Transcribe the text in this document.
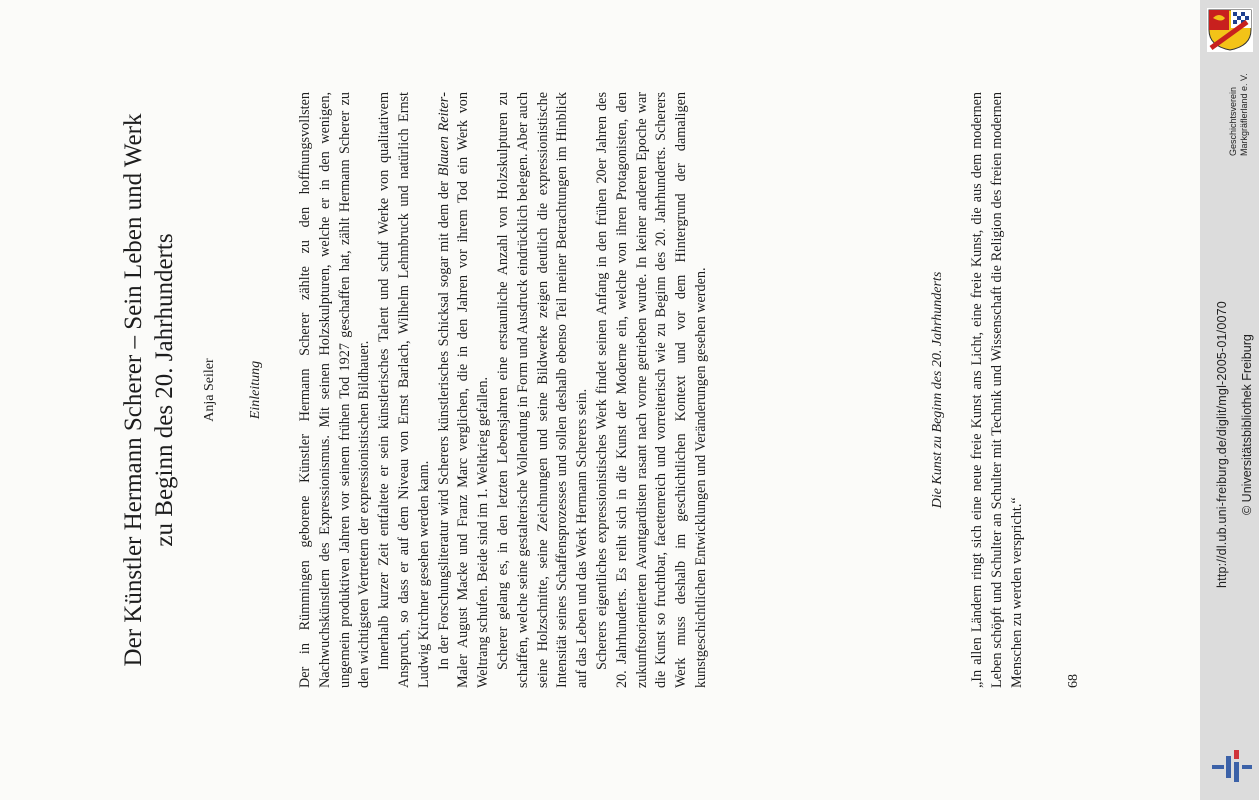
Der Künstler Hermann Scherer – Sein Leben und Werk zu Beginn des 20. Jahrhunderts Anja Seiler Einleitung Der in Rümmingen geborene Künstler Hermann Scherer zählte zu den hoffnungsvollsten Nachwuchskünstlern des Expressionismus. Mit seinen Holzskulpturen, welche er in den wenigen, ungemein produktiven Jahren vor seinem frühen Tod 1927 geschaffen hat, zählt Hermann Scherer zu den wichtigsten Vertretern der expressionistischen Bildhauer. Innerhalb kurzer Zeit entfaltete er sein künstlerisches Talent und schuf Werke von qualitativem Anspruch, so dass er auf dem Niveau von Ernst Barlach, Wilhelm Lehmbruck und natürlich Ernst Ludwig Kirchner gesehen werden kann. In der Forschungsliteratur wird Scherers künstlerisches Schicksal sogar mit dem der Blauen Reiter-Maler August Macke und Franz Marc verglichen, die in den Jahren vor ihrem Tod ein Werk von Weltrang schufen. Beide sind im 1. Weltkrieg gefallen. Scherer gelang es, in den letzten Lebensjahren eine erstaunliche Anzahl von Holzskulpturen zu schaffen, welche seine gestalterische Vollendung in Form und Ausdruck eindrücklich belegen. Aber auch seine Holzschnitte, seine Zeichnungen und seine Bildwerke zeigen deutlich die expressionistische Intensität seines Schaffensprozesses und sollen deshalb ebenso Teil meiner Betrachtungen im Hinblick auf das Leben und das Werk Hermann Scherers sein. Scherers eigentliches expressionistisches Werk findet seinen Anfang in den frühen 20er Jahren des 20. Jahrhunderts. Es reiht sich in die Kunst der Moderne ein, welche von ihren Protagonisten, den zukunftsorientierten Avantgardisten rasant nach vorne getrieben wurde. In keiner anderen Epoche war die Kunst so fruchtbar, facettenreich und vorreiterisch wie zu Beginn des 20. Jahrhunderts. Scherers Werk muss deshalb im geschichtlichen Kontext und vor dem Hintergrund der damaligen kunstgeschichtlichen Entwicklungen und Veränderungen gesehen werden.	Die Kunst zu Beginn des 20. Jahrhunderts „In allen Ländern ringt sich eine neue freie Kunst ans Licht, eine freie Kunst, die aus dem modernen Leben schöpft und Schulter an Schulter mit Technik und Wissenschaft die Religion des freien modernen Menschen zu werden verspricht.“	68
Geschichtsverein Markgräflerland e. V.
http://dl.ub.uni-freiburg.de/diglit/mgl-2005-01/0070 © Universitätsbibliothek Freiburg
